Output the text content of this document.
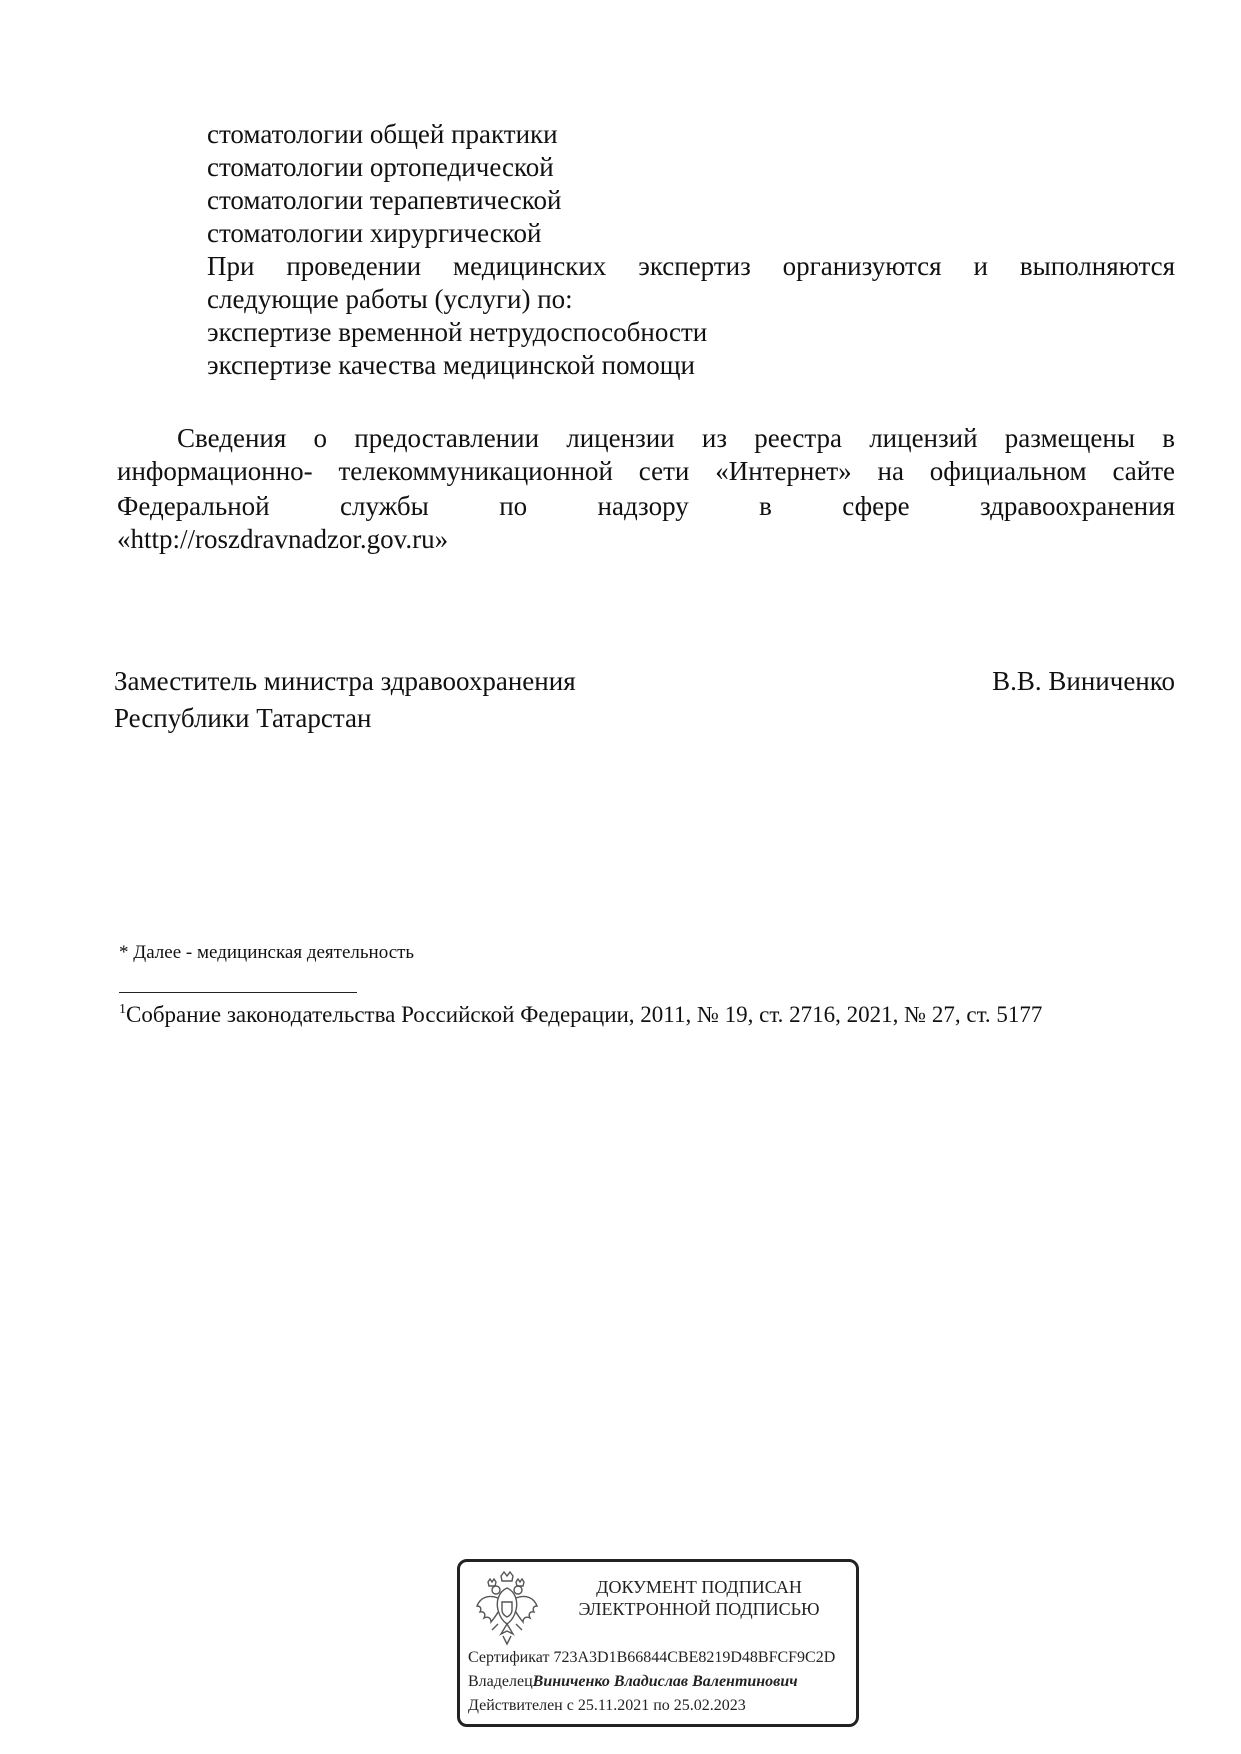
стоматологии общей практики
стоматологии ортопедической
стоматологии терапевтической
стоматологии хирургической
При проведении медицинских экспертиз организуются и выполняются
следующие работы (услуги) по:
экспертизе временной нетрудоспособности
экспертизе качества медицинской помощи
Сведения о предоставлении лицензии из реестра лицензий размещены в
информационно- телекоммуникационной сети «Интернет» на официальном сайте
Федеральной службы по надзору в сфере здравоохранения
«http://roszdravnadzor.gov.ru»
Заместитель министра здравоохранения
Республики Татарстан
В.В. Виниченко
* Далее - медицинская деятельность
$^1$Собрание законодательства Российской Федерации, 2011, № 19, ст. 2716, 2021, № 27, ст. 5177
ДОКУМЕНТ ПОДПИСАН
ЭЛЕКТРОННОЙ ПОДПИСЬЮ
Сертификат 723A3D1B66844CBE8219D48BFCF9C2D
ВладелецВиниченко Владислав Валентинович
Действителен с 25.11.2021 по 25.02.2023
